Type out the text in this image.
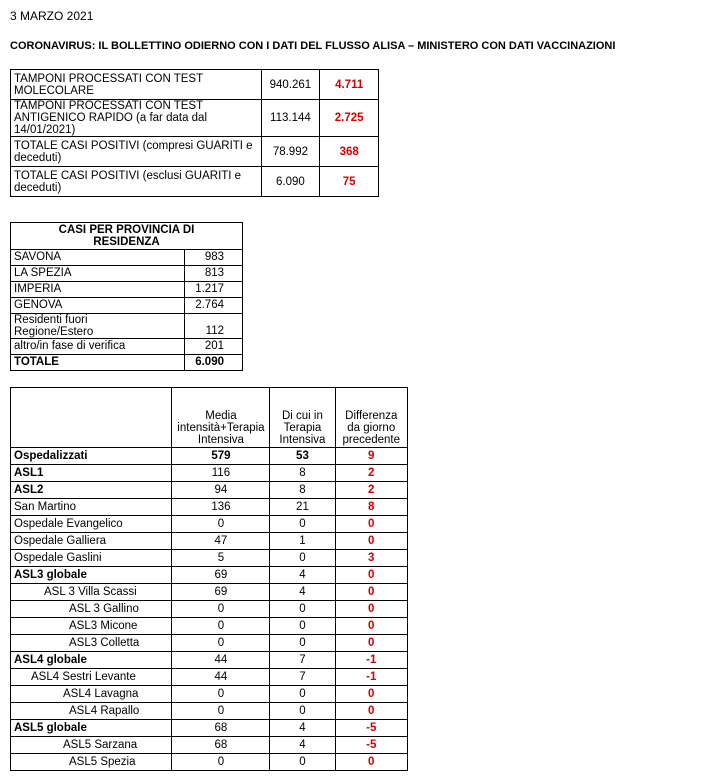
3 MARZO 2021
CORONAVIRUS: IL BOLLETTINO ODIERNO CON I DATI DEL FLUSSO ALISA – MINISTERO CON DATI VACCINAZIONI
TAMPONI PROCESSATI CON TEST MOLECOLARE	940.261	4.711
TAMPONI PROCESSATI CON TEST ANTIGENICO RAPIDO (a far data dal 14/01/2021)	113.144	2.725
TOTALE CASI POSITIVI (compresi GUARITI e deceduti)	78.992	368
TOTALE CASI POSITIVI (esclusi GUARITI e deceduti)	6.090	75
CASI PER PROVINCIA DI RESIDENZA	
SAVONA	983
LA SPEZIA	813
IMPERIA	1.217
GENOVA	2.764
Residenti fuori Regione/Estero	112
altro/in fase di verifica	201
TOTALE	6.090
	Media intensità+Terapia Intensiva	Di cui in Terapia Intensiva	Differenza da giorno precedente
Ospedalizzati	579	53	9
ASL1	116	8	2
ASL2	94	8	2
San Martino	136	21	8
Ospedale Evangelico	0	0	0
Ospedale Galliera	47	1	0
Ospedale Gaslini	5	0	3
ASL3 globale	69	4	0
ASL 3 Villa Scassi	69	4	0
ASL 3 Gallino	0	0	0
ASL3 Micone	0	0	0
ASL3 Colletta	0	0	0
ASL4 globale	44	7	-1
ASL4 Sestri Levante	44	7	-1
ASL4 Lavagna	0	0	0
ASL4 Rapallo	0	0	0
ASL5 globale	68	4	-5
ASL5 Sarzana	68	4	-5
ASL5 Spezia	0	0	0
